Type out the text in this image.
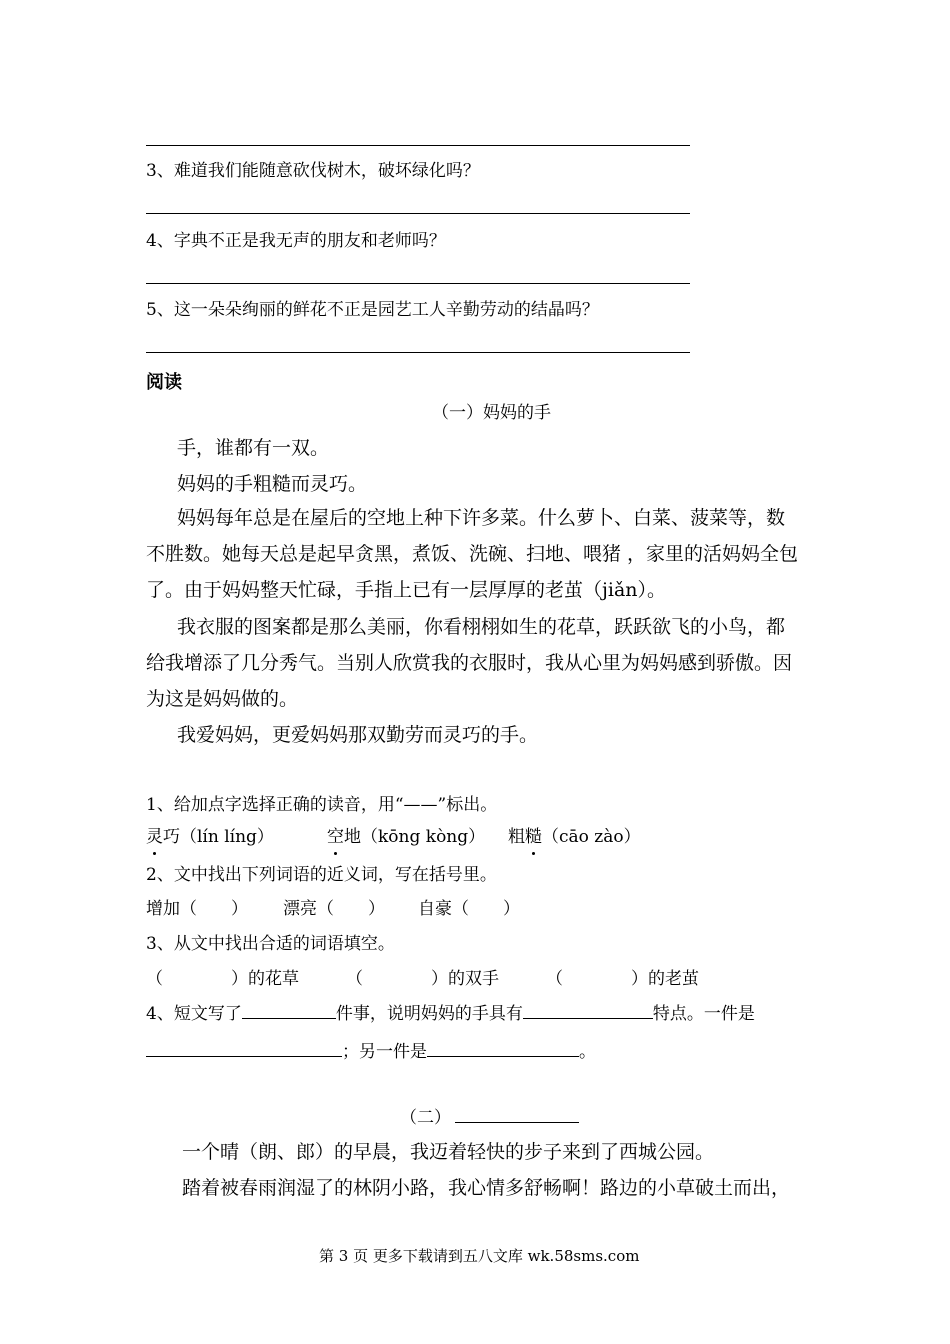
3、难道我们能随意砍伐树木，破坏绿化吗？
4、字典不正是我无声的朋友和老师吗？
5、这一朵朵绚丽的鲜花不正是园艺工人辛勤劳动的结晶吗？
阅读
（一）妈妈的手
手，谁都有一双。
妈妈的手粗糙而灵巧。
妈妈每年总是在屋后的空地上种下许多菜。什么萝卜、白菜、菠菜等，数
不胜数。她每天总是起早贪黑，煮饭、洗碗、扫地、喂猪 ，家里的活妈妈全包
了。由于妈妈整天忙碌，手指上已有一层厚厚的老茧（jiǎn）。
我衣服的图案都是那么美丽，你看栩栩如生的花草，跃跃欲飞的小鸟，都
给我增添了几分秀气。当别人欣赏我的衣服时，我从心里为妈妈感到骄傲。因
为这是妈妈做的。
我爱妈妈，更爱妈妈那双勤劳而灵巧的手。
1、给加点字选择正确的读音，用“——”标出。
灵巧（lín líng）	空地（kōng kòng） 粗糙（cāo zào）
2、文中找出下列词语的近义词，写在括号里。
增加（　　） 漂亮（　　） 自豪（　　）
3、从文中找出合适的词语填空。
（　　　　）的花草	（　　　　）的双手	（　　　　）的老茧
4、短文写了	件事，说明妈妈的手具有	特点。一件是
；另一件是	。
（二）
一个晴（朗、郎）的早晨，我迈着轻快的步子来到了西城公园。
踏着被春雨润湿了的林阴小路，我心情多舒畅啊！路边的小草破土而出，
第 3 页 更多下载请到五八文库 wk.58sms.com
